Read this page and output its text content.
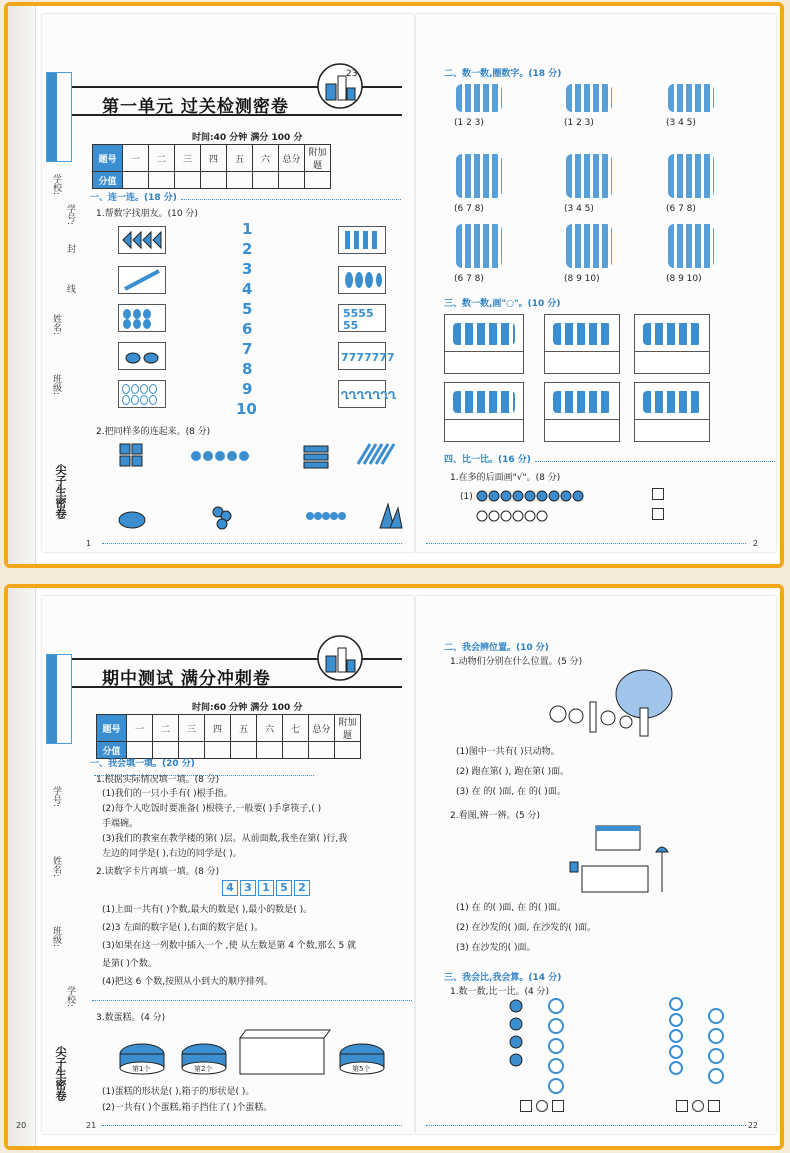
学校:
封
姓名:
线
班级:
学号:
尖子生密卷
第一单元 过关检测密卷
23
时间:40 分钟 满分 100 分
题号	一	二	三	四	五	六	总分	附加题
分值								
一、连一连。(18 分)
1.帮数字找朋友。(10 分)
1
2
3
4
5
6
7
8
9
10
5555
55
7777777
ՂՂՂՂՂՂՂ
2.把同样多的连起来。(8 分)
1
二、数一数,圈数字。(18 分)
(1 2 3)	(1 2 3)	(3 4 5)
(6 7 8)	(3 4 5)	(6 7 8)
(6 7 8)	(8 9 10)	(8 9 10)
三、数一数,画"○"。(10 分)
四、比一比。(16 分)
1.在多的后面画"√"。(8 分)
(1)
2
学号:
姓名:
班级:
学校:
尖子生密卷
期中测试 满分冲刺卷
时间:60 分钟 满分 100 分
题号	一	二	三	四	五	六	七	总分	附加题
分值									
一、我会填一填。(20 分)
1.根据实际情况填一填。(8 分)
(1)我们的一只小手有( )根手指。
(2)每个人吃饭时要准备( )根筷子,一般要( )手拿筷子,( )
手端碗。
(3)我们的教室在教学楼的第( )层。从前面数,我坐在第( )行,我
左边的同学是( ),右边的同学是( )。
2.读数字卡片再填一填。(8 分)
4 3 1 5 2
(1)上面一共有( )个数,最大的数是( ),最小的数是( )。
(2)3 左面的数字是( ),右面的数字是( )。
(3)如果在这一列数中插入一个 ,使 从左数是第 4 个数,那么 5 就
是第( )个数。
(4)把这 6 个数,按照从小到大的顺序排列。
3.数蛋糕。(4 分)
第1个	第2个	第5个
(1)蛋糕的形状是( ),箱子的形状是( )。
(2)一共有( )个蛋糕,箱子挡住了( )个蛋糕。
21
20
二、我会辨位置。(10 分)
1.动物们分别在什么位置。(5 分)
(1)图中一共有( )只动物。
(2) 跑在第( ), 跑在第( )面。
(3) 在 的( )面, 在 的( )面。
2.看图,辨一辨。(5 分)
(1) 在 的( )面, 在 的( )面。
(2) 在沙发的( )面, 在沙发的( )面。
(3) 在沙发的( )面。
三、我会比,我会算。(14 分)
1.数一数,比一比。(4 分)
22
